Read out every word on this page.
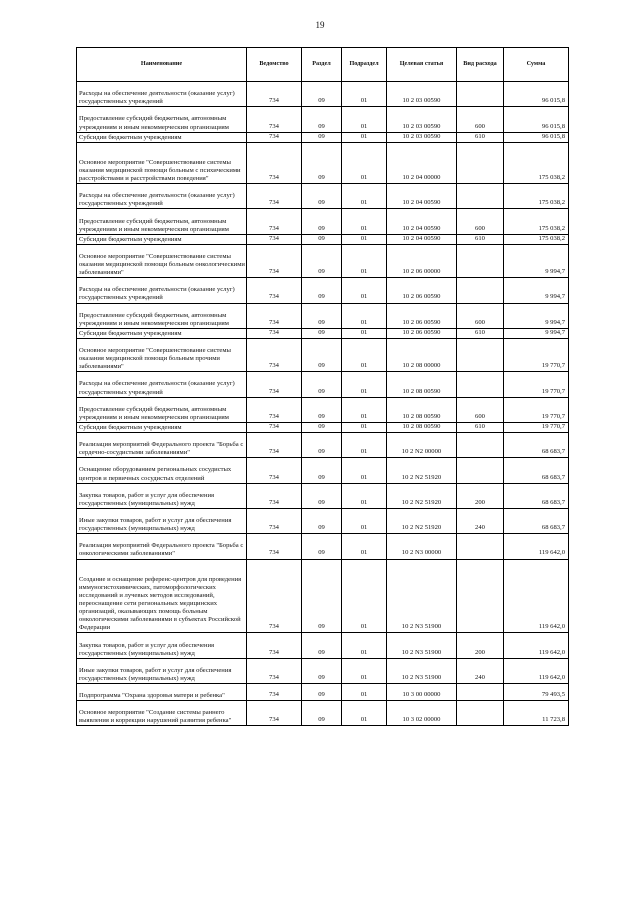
19
Наименование	Ведомство	Раздел	Подраздел	Целевая статья	Вид расхода	Сумма
Расходы на обеспечение деятельности (оказание услуг) государственных учреждений	734	09	01	10 2 03 00590		96 015,8
Предоставление субсидий бюджетным, автономным учреждениям и иным некоммерческим организациям	734	09	01	10 2 03 00590	600	96 015,8
Субсидии бюджетным учреждениям	734	09	01	10 2 03 00590	610	96 015,8
Основное мероприятие "Совершенствование системы оказания медицинской помощи больным с психическими расстройствами и расстройствами поведения"	734	09	01	10 2 04 00000		175 038,2
Расходы на обеспечение деятельности (оказание услуг) государственных учреждений	734	09	01	10 2 04 00590		175 038,2
Предоставление субсидий бюджетным, автономным учреждениям и иным некоммерческим организациям	734	09	01	10 2 04 00590	600	175 038,2
Субсидии бюджетным учреждениям	734	09	01	10 2 04 00590	610	175 038,2
Основное мероприятие "Совершенствование системы оказания медицинской помощи больным онкологическими заболеваниями"	734	09	01	10 2 06 00000		9 994,7
Расходы на обеспечение деятельности (оказание услуг) государственных учреждений	734	09	01	10 2 06 00590		9 994,7
Предоставление субсидий бюджетным, автономным учреждениям и иным некоммерческим организациям	734	09	01	10 2 06 00590	600	9 994,7
Субсидии бюджетным учреждениям	734	09	01	10 2 06 00590	610	9 994,7
Основное мероприятие "Совершенствование системы оказания медицинской помощи больным прочими заболеваниями"	734	09	01	10 2 08 00000		19 770,7
Расходы на обеспечение деятельности (оказание услуг) государственных учреждений	734	09	01	10 2 08 00590		19 770,7
Предоставление субсидий бюджетным, автономным учреждениям и иным некоммерческим организациям	734	09	01	10 2 08 00590	600	19 770,7
Субсидии бюджетным учреждениям	734	09	01	10 2 08 00590	610	19 770,7
Реализация мероприятий Федерального проекта "Борьба с сердечно-сосудистыми заболеваниями"	734	09	01	10 2 N2 00000		68 683,7
Оснащение оборудованием региональных сосудистых центров и первичных сосудистых отделений	734	09	01	10 2 N2 51920		68 683,7
Закупка товаров, работ и услуг для обеспечения государственных (муниципальных) нужд	734	09	01	10 2 N2 51920	200	68 683,7
Иные закупки товаров, работ и услуг для обеспечения государственных (муниципальных) нужд	734	09	01	10 2 N2 51920	240	68 683,7
Реализация мероприятий Федерального проекта "Борьба с онкологическими заболеваниями"	734	09	01	10 2 N3 00000		119 642,0
Создание и оснащение референс-центров для проведения иммуногистохимических, патоморфологических исследований и лучевых методов исследований, переоснащение сети региональных медицинских организаций, оказывающих помощь больным онкологическими заболеваниями в субъектах Российской Федерации	734	09	01	10 2 N3 51900		119 642,0
Закупка товаров, работ и услуг для обеспечения государственных (муниципальных) нужд	734	09	01	10 2 N3 51900	200	119 642,0
Иные закупки товаров, работ и услуг для обеспечения государственных (муниципальных) нужд	734	09	01	10 2 N3 51900	240	119 642,0
Подпрограмма "Охрана здоровья матери и ребенка"	734	09	01	10 3 00 00000		79 493,5
Основное мероприятие "Создание системы раннего выявления и коррекции нарушений развития ребенка"	734	09	01	10 3 02 00000		11 723,8
